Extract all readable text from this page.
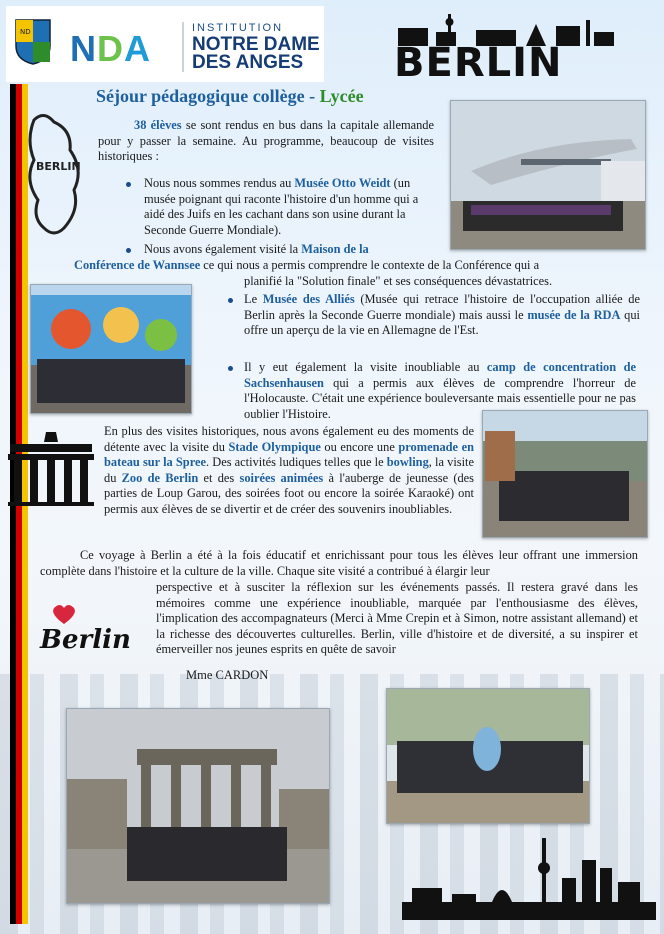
ND NDA	INSTITUTION
NOTRE DAME
DES ANGES	BERLIN
Séjour pédagogique collège - Lycée
BERLIN
38 élèves se sont rendus en bus dans la capitale allemande pour y passer la semaine. Au programme, beaucoup de visites historiques :
Nous nous sommes rendus au Musée Otto Weidt (un musée poignant qui raconte l'histoire d'un homme qui a aidé des Juifs en les cachant dans son usine durant la Seconde Guerre Mondiale).
Nous avons également visité la Maison de la
Conférence de Wannsee ce qui nous a permis comprendre le contexte de la Conférence qui a
planifié la "Solution finale" et ses conséquences dévastatrices.
Le Musée des Alliés (Musée qui retrace l'histoire de l'occupation alliée de Berlin après la Seconde Guerre mondiale) mais aussi le musée de la RDA qui offre un aperçu de la vie en Allemagne de l'Est.
Il y eut également la visite inoubliable au camp de concentration de Sachsenhausen qui a permis aux élèves de comprendre l'horreur de l'Holocauste. C'était une expérience bouleversante mais essentielle pour ne pas oublier l'Histoire.
En plus des visites historiques, nous avons également eu des moments de détente avec la visite du Stade Olympique ou encore une promenade en bateau sur la Spree. Des activités ludiques telles que le bowling, la visite du Zoo de Berlin et des soirées animées à l'auberge de jeunesse (des parties de Loup Garou, des soirées foot ou encore la soirée Karaoké) ont permis aux élèves de se divertir et de créer des souvenirs inoubliables.
Ce voyage à Berlin a été à la fois éducatif et enrichissant pour tous les élèves leur offrant une immersion complète dans l'histoire et la culture de la ville. Chaque site visité a contribué à élargir leur
perspective et à susciter la réflexion sur les événements passés. Il restera gravé dans les mémoires comme une expérience inoubliable, marquée par l'enthousiasme des élèves, l'implication des accompagnateurs (Merci à Mme Crepin et à Simon, notre assistant allemand) et la richesse des découvertes culturelles. Berlin, ville d'histoire et de diversité, a su inspirer et émerveiller nos jeunes esprits en quête de savoir
Berlin
Mme CARDON
